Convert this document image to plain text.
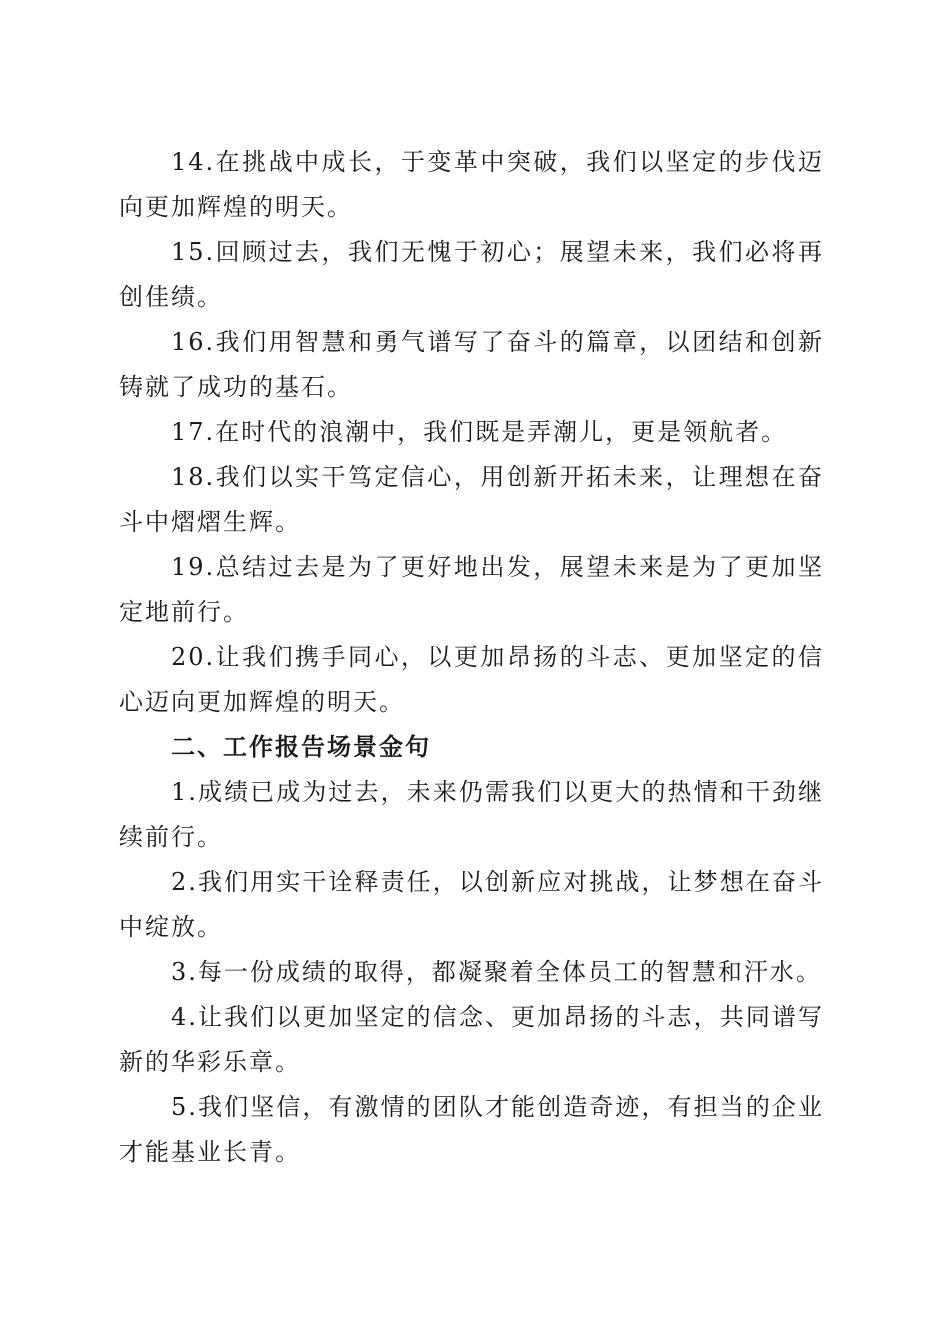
14.在挑战中成长，于变革中突破，我们以坚定的步伐迈向更加辉煌的明天。

15.回顾过去，我们无愧于初心；展望未来，我们必将再创佳绩。

16.我们用智慧和勇气谱写了奋斗的篇章，以团结和创新铸就了成功的基石。

17.在时代的浪潮中，我们既是弄潮儿，更是领航者。

18.我们以实干笃定信心，用创新开拓未来，让理想在奋斗中熠熠生辉。

19.总结过去是为了更好地出发，展望未来是为了更加坚定地前行。

20.让我们携手同心，以更加昂扬的斗志、更加坚定的信心迈向更加辉煌的明天。

二、工作报告场景金句

1.成绩已成为过去，未来仍需我们以更大的热情和干劲继续前行。

2.我们用实干诠释责任，以创新应对挑战，让梦想在奋斗中绽放。

3.每一份成绩的取得，都凝聚着全体员工的智慧和汗水。

4.让我们以更加坚定的信念、更加昂扬的斗志，共同谱写新的华彩乐章。

5.我们坚信，有激情的团队才能创造奇迹，有担当的企业才能基业长青。
